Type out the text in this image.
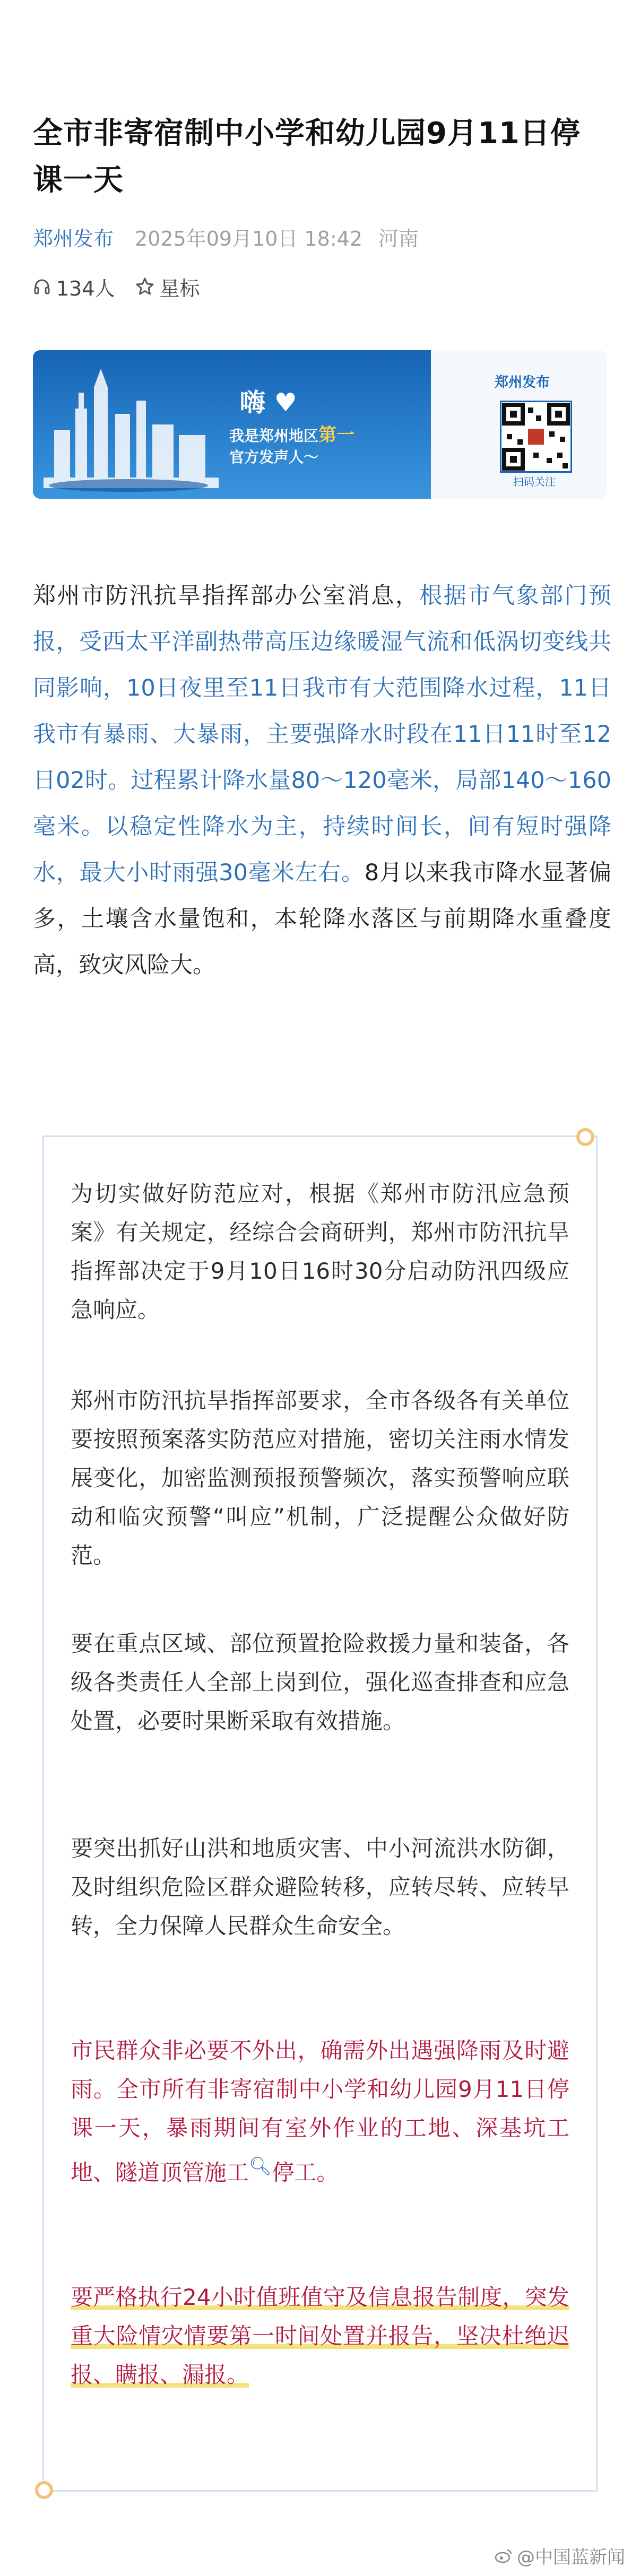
全市非寄宿制中小学和幼儿园9月11日停课一天
郑州发布 2025年09月10日 18:42 河南
134人 星标
嗨 ♥
我是郑州地区第一
官方发声人～
郑州发布
扫码关注
郑州市防汛抗旱指挥部办公室消息，根据市气象部门预报，受西太平洋副热带高压边缘暖湿气流和低涡切变线共同影响，10日夜里至11日我市有大范围降水过程，11日我市有暴雨、大暴雨，主要强降水时段在11日11时至12日02时。过程累计降水量80～120毫米，局部140～160毫米。以稳定性降水为主，持续时间长，间有短时强降水，最大小时雨强30毫米左右。8月以来我市降水显著偏多，土壤含水量饱和，本轮降水落区与前期降水重叠度高，致灾风险大。

为切实做好防范应对，根据《郑州市防汛应急预案》有关规定，经综合会商研判，郑州市防汛抗旱指挥部决定于9月10日16时30分启动防汛四级应急响应。

郑州市防汛抗旱指挥部要求，全市各级各有关单位要按照预案落实防范应对措施，密切关注雨水情发展变化，加密监测预报预警频次，落实预警响应联动和临灾预警“叫应”机制，广泛提醒公众做好防范。

要在重点区域、部位预置抢险救援力量和装备，各级各类责任人全部上岗到位，强化巡查排查和应急处置，必要时果断采取有效措施。

要突出抓好山洪和地质灾害、中小河流洪水防御，及时组织危险区群众避险转移，应转尽转、应转早转，全力保障人民群众生命安全。

市民群众非必要不外出，确需外出遇强降雨及时避雨。全市所有非寄宿制中小学和幼儿园9月11日停课一天，暴雨期间有室外作业的工地、深基坑工地、隧道顶管施工🔍︎停工。

要严格执行24小时值班值守及信息报告制度，突发重大险情灾情要第一时间处置并报告，坚决杜绝迟报、瞒报、漏报。

@中国蓝新闻
